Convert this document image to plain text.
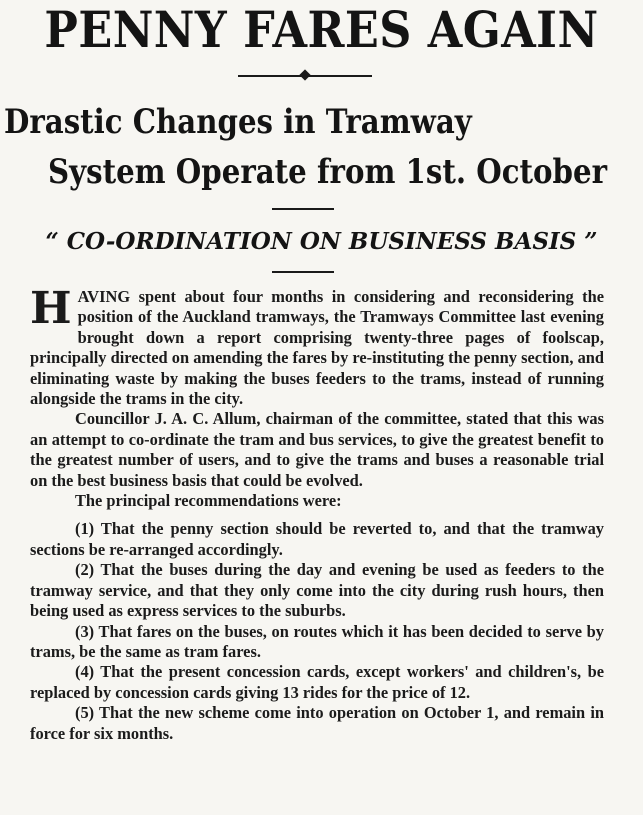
PENNY FARES AGAIN
Drastic Changes in Tramway
System Operate from 1st. October
“ CO-ORDINATION ON BUSINESS BASIS ”

HAVING spent about four months in considering and reconsidering the position of the Auckland tramways, the Tramways Committee last evening brought down a report comprising twenty-three pages of foolscap, principally directed on amending the fares by re-instituting the penny section, and eliminating waste by making the buses feeders to the trams, instead of running alongside the trams in the city.

Councillor J. A. C. Allum, chairman of the committee, stated that this was an attempt to co-ordinate the tram and bus services, to give the greatest benefit to the greatest number of users, and to give the trams and buses a reasonable trial on the best business basis that could be evolved.

The principal recommendations were:

(1) That the penny section should be reverted to, and that the tramway sections be re-arranged accordingly.

(2) That the buses during the day and evening be used as feeders to the tramway service, and that they only come into the city during rush hours, then being used as express services to the suburbs.

(3) That fares on the buses, on routes which it has been decided to serve by trams, be the same as tram fares.

(4) That the present concession cards, except workers' and children's, be replaced by concession cards giving 13 rides for the price of 12.

(5) That the new scheme come into operation on October 1, and remain in force for six months.
